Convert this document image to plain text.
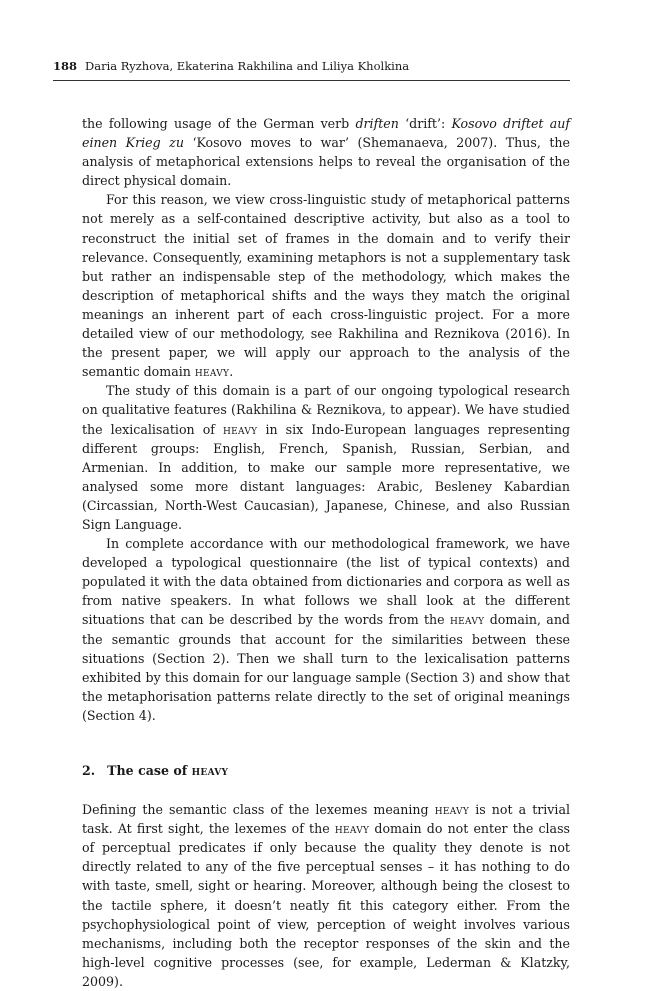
188 Daria Ryzhova, Ekaterina Rakhilina and Liliya Kholkina

the following usage of the German verb driften ‘drift’: Kosovo driftet auf einen Krieg zu ‘Kosovo moves to war’ (Shemanaeva, 2007). Thus, the analysis of metaphorical extensions helps to reveal the organisation of the direct physical domain.

For this reason, we view cross-linguistic study of metaphorical patterns not merely as a self-contained descriptive activity, but also as a tool to reconstruct the initial set of frames in the domain and to verify their relevance. Consequently, examining metaphors is not a supplementary task but rather an indispensable step of the methodology, which makes the description of metaphorical shifts and the ways they match the original meanings an inherent part of each cross-linguistic project. For a more detailed view of our methodology, see Rakhilina and Reznikova (2016). In the present paper, we will apply our approach to the analysis of the semantic domain heavy.

The study of this domain is a part of our ongoing typological research on qualitative features (Rakhilina & Reznikova, to appear). We have studied the lexicalisation of heavy in six Indo-European languages representing different groups: English, French, Spanish, Russian, Serbian, and Armenian. In addition, to make our sample more representative, we analysed some more distant languages: Arabic, Besleney Kabardian (Circassian, North-West Caucasian), Japanese, Chinese, and also Russian Sign Language.

In complete accordance with our methodological framework, we have developed a typological questionnaire (the list of typical contexts) and populated it with the data obtained from dictionaries and corpora as well as from native speakers. In what follows we shall look at the different situations that can be described by the words from the heavy domain, and the semantic grounds that account for the similarities between these situations (Section 2). Then we shall turn to the lexicalisation patterns exhibited by this domain for our language sample (Section 3) and show that the metaphorisation patterns relate directly to the set of original meanings (Section 4).

2. The case of heavy

Defining the semantic class of the lexemes meaning heavy is not a trivial task. At first sight, the lexemes of the heavy domain do not enter the class of perceptual predicates if only because the quality they denote is not directly related to any of the five perceptual senses – it has nothing to do with taste, smell, sight or hearing. Moreover, although being the closest to the tactile sphere, it doesn’t neatly fit this category either. From the psychophysiological point of view, perception of weight involves various mechanisms, including both the receptor responses of the skin and the high-level cognitive processes (see, for example, Lederman & Klatzky, 2009).
